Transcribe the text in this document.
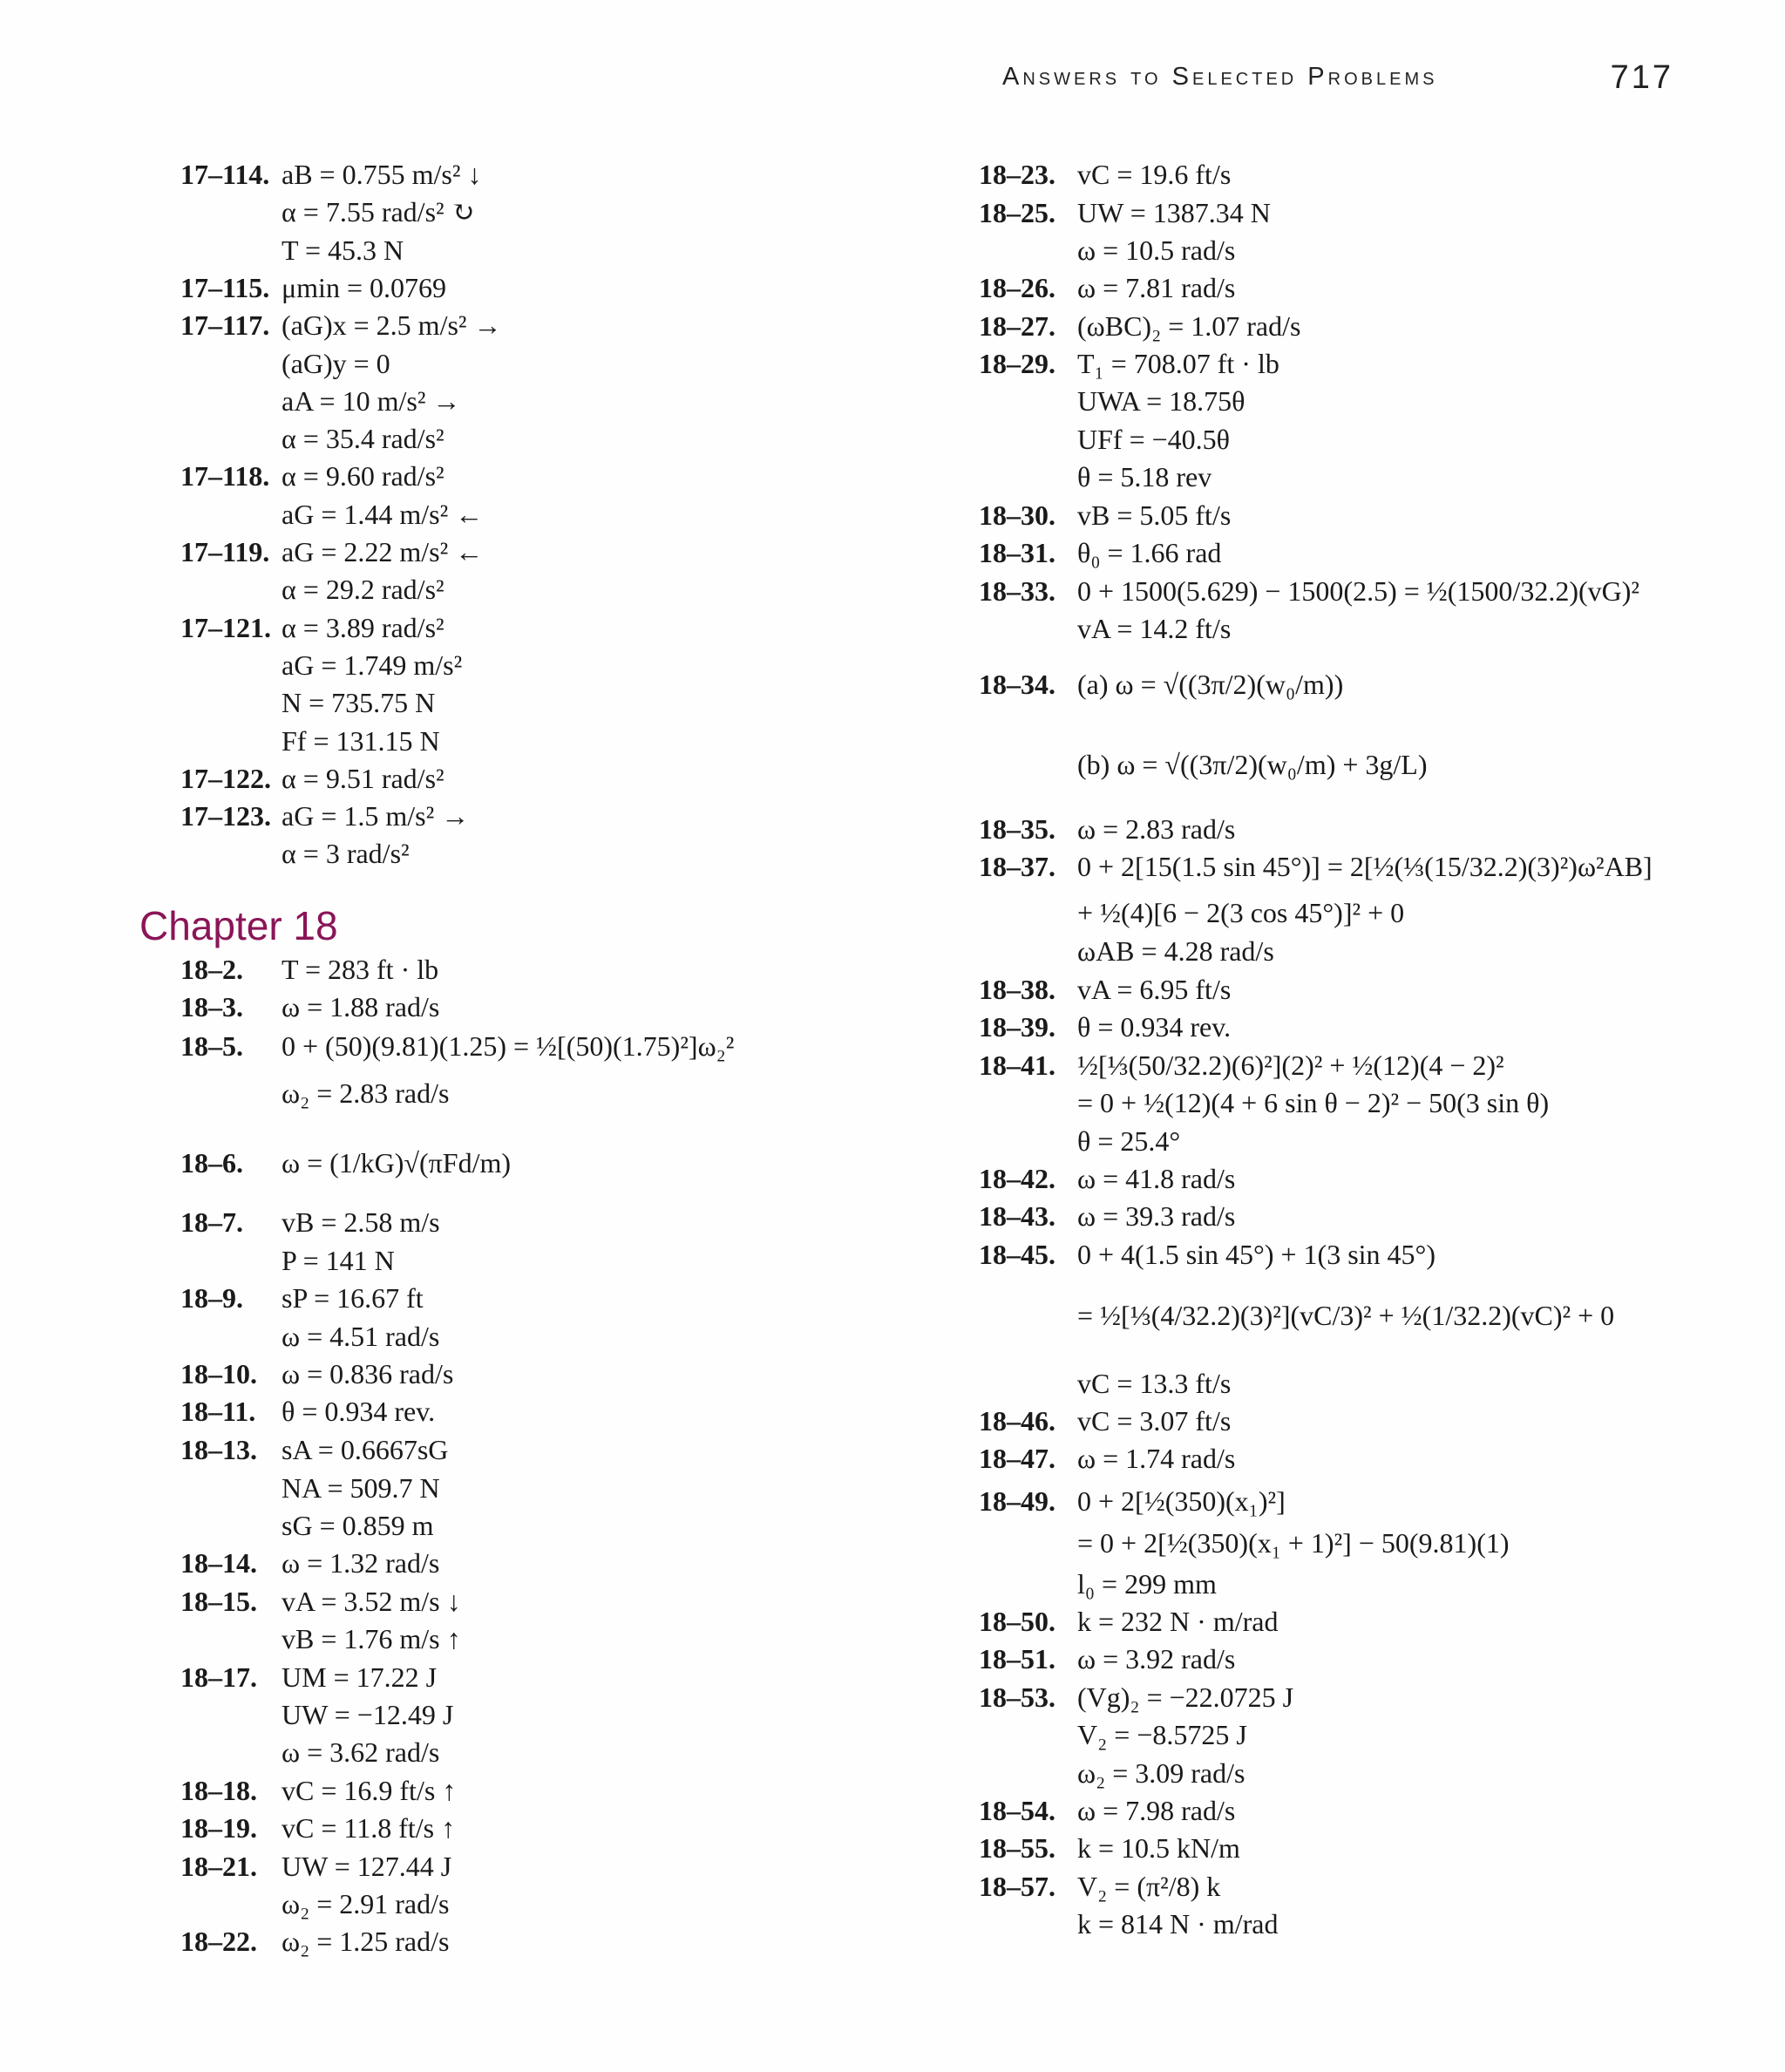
Answers to Selected Problems	717
17–114. aB = 0.755 m/s² ↓
α = 7.55 rad/s² ↻
T = 45.3 N
17–115. μmin = 0.0769
17–117. (aG)x = 2.5 m/s² →
(aG)y = 0
aA = 10 m/s² →
α = 35.4 rad/s²
17–118. α = 9.60 rad/s²
aG = 1.44 m/s² ←
17–119. aG = 2.22 m/s² ←
α = 29.2 rad/s²
17–121. α = 3.89 rad/s²
aG = 1.749 m/s²
N = 735.75 N
Ff = 131.15 N
17–122. α = 9.51 rad/s²
17–123. aG = 1.5 m/s² →
α = 3 rad/s²
Chapter 18
18–2. T = 283 ft · lb
18–3. ω = 1.88 rad/s
18–5. 0 + (50)(9.81)(1.25) = ½[(50)(1.75)²]ω₂²
ω₂ = 2.83 rad/s
18–6. ω = (1/kG)√(πFd/m)
18–7. vB = 2.58 m/s
P = 141 N
18–9. sP = 16.67 ft
ω = 4.51 rad/s
18–10. ω = 0.836 rad/s
18–11. θ = 0.934 rev.
18–13. sA = 0.6667sG
NA = 509.7 N
sG = 0.859 m
18–14. ω = 1.32 rad/s
18–15. vA = 3.52 m/s ↓
vB = 1.76 m/s ↑
18–17. UM = 17.22 J
UW = −12.49 J
ω = 3.62 rad/s
18–18. vC = 16.9 ft/s ↑
18–19. vC = 11.8 ft/s ↑
18–21. UW = 127.44 J
ω₂ = 2.91 rad/s
18–22. ω₂ = 1.25 rad/s
18–23. vC = 19.6 ft/s
18–25. UW = 1387.34 N
ω = 10.5 rad/s
18–26. ω = 7.81 rad/s
18–27. (ωBC)₂ = 1.07 rad/s
18–29. T₁ = 708.07 ft · lb
UWA = 18.75θ
UFf = −40.5θ
θ = 5.18 rev
18–30. vB = 5.05 ft/s
18–31. θ₀ = 1.66 rad
18–33. 0 + 1500(5.629) − 1500(2.5) = ½(1500/32.2)(vG)²
vA = 14.2 ft/s
18–34. (a) ω = √((3π/2)(w₀/m))
(b) ω = √((3π/2)(w₀/m) + 3g/L)
18–35. ω = 2.83 rad/s
18–37. 0 + 2[15(1.5 sin 45°)] = 2[½(⅓(15/32.2)(3)²)ω²AB]
+ ½(4)[6 − 2(3 cos 45°)]² + 0
ωAB = 4.28 rad/s
18–38. vA = 6.95 ft/s
18–39. θ = 0.934 rev.
18–41. ½[⅓(50/32.2)(6)²](2)² + ½(12)(4 − 2)²
= 0 + ½(12)(4 + 6 sin θ − 2)² − 50(3 sin θ)
θ = 25.4°
18–42. ω = 41.8 rad/s
18–43. ω = 39.3 rad/s
18–45. 0 + 4(1.5 sin 45°) + 1(3 sin 45°)
= ½[⅓(4/32.2)(3)²](vC/3)² + ½(1/32.2)(vC)² + 0
vC = 13.3 ft/s
18–46. vC = 3.07 ft/s
18–47. ω = 1.74 rad/s
18–49. 0 + 2[½(350)(x₁)²]
= 0 + 2[½(350)(x₁ + 1)²] − 50(9.81)(1)
l₀ = 299 mm
18–50. k = 232 N · m/rad
18–51. ω = 3.92 rad/s
18–53. (Vg)₂ = −22.0725 J
V₂ = −8.5725 J
ω₂ = 3.09 rad/s
18–54. ω = 7.98 rad/s
18–55. k = 10.5 kN/m
18–57. V₂ = (π²/8) k
k = 814 N · m/rad
